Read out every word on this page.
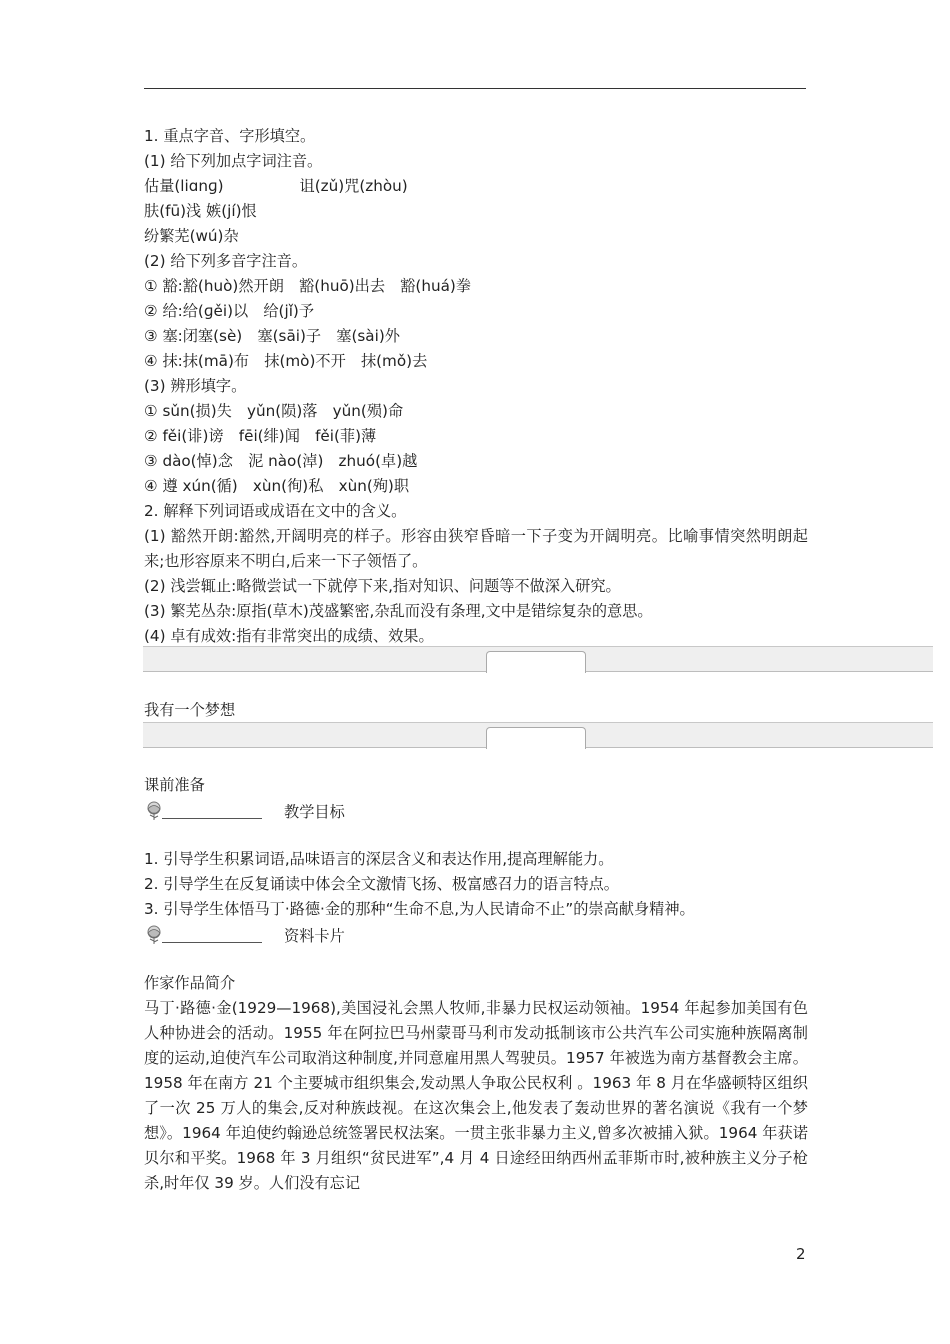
1. 重点字音、字形填空。

(1) 给下列加点字词注音。

估量(liɑnɡ)　　　　　诅(zǔ)咒(zhòu)

肤(fū)浅 嫉(jí)恨

纷繁芜(wú)杂

(2) 给下列多音字注音。

① 豁:豁(huò)然开朗　豁(huō)出去　豁(huá)拳

② 给:给(ɡěi)以　给(jǐ)予

③ 塞:闭塞(sè)　塞(sāi)子　塞(sài)外

④ 抹:抹(mā)布　抹(mò)不开　抹(mǒ)去

(3) 辨形填字。

① sǔn(损)失　yǔn(陨)落　yǔn(殒)命

② fěi(诽)谤　fēi(绯)闻　fěi(菲)薄

③ dào(悼)念　泥 nào(淖)　zhuó(卓)越

④ 遵 xún(循)　xùn(徇)私　xùn(殉)职

2. 解释下列词语或成语在文中的含义。

(1) 豁然开朗:豁然,开阔明亮的样子。形容由狭窄昏暗一下子变为开阔明亮。比喻事情突然明朗起来;也形容原来不明白,后来一下子领悟了。

(2) 浅尝辄止:略微尝试一下就停下来,指对知识、问题等不做深入研究。

(3) 繁芜丛杂:原指(草木)茂盛繁密,杂乱而没有条理,文中是错综复杂的意思。

(4) 卓有成效:指有非常突出的成绩、效果。

我有一个梦想

课前准备

教学目标

1. 引导学生积累词语,品味语言的深层含义和表达作用,提高理解能力。

2. 引导学生在反复诵读中体会全文激情飞扬、极富感召力的语言特点。

3. 引导学生体悟马丁·路德·金的那种“生命不息,为人民请命不止”的崇高献身精神。

资料卡片

作家作品简介

马丁·路德·金(1929—1968),美国浸礼会黑人牧师,非暴力民权运动领袖。1954 年起参加美国有色人种协进会的活动。1955 年在阿拉巴马州蒙哥马利市发动抵制该市公共汽车公司实施种族隔离制度的运动,迫使汽车公司取消这种制度,并同意雇用黑人驾驶员。1957 年被选为南方基督教会主席。1958 年在南方 21 个主要城市组织集会,发动黑人争取公民权利 。1963 年 8 月在华盛顿特区组织了一次 25 万人的集会,反对种族歧视。在这次集会上,他发表了轰动世界的著名演说《我有一个梦想》。1964 年迫使约翰逊总统签署民权法案。一贯主张非暴力主义,曾多次被捕入狱。1964 年获诺贝尔和平奖。1968 年 3 月组织“贫民进军”,4 月 4 日途经田纳西州孟菲斯市时,被种族主义分子枪杀,时年仅 39 岁。人们没有忘记

2
